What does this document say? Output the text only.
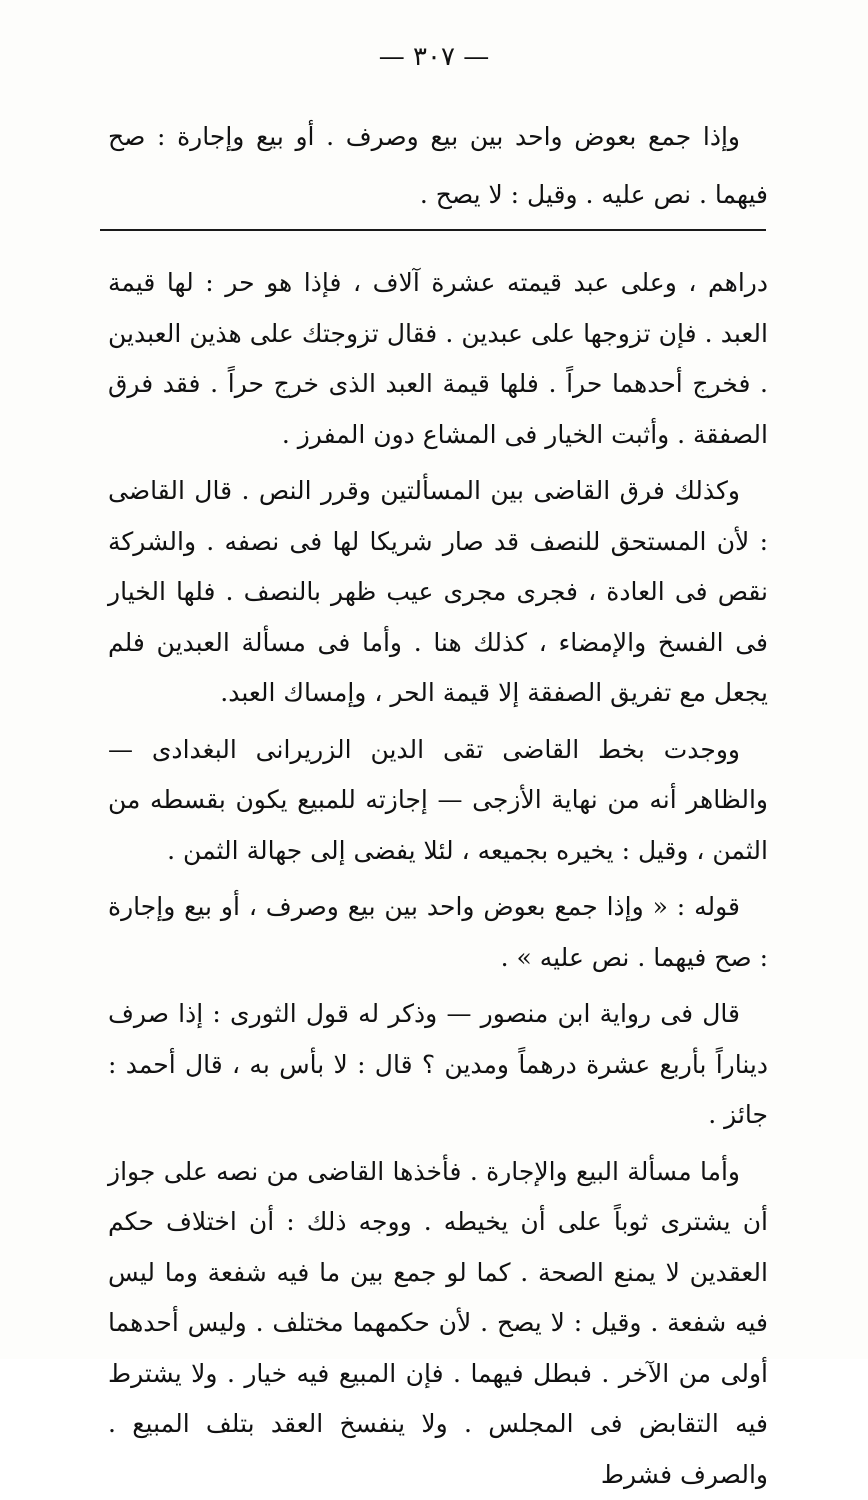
— ٣٠٧ —

وإذا جمع بعوض واحد بين بيع وصرف . أو بيع وإجارة : صح فيهما . نص عليه . وقيل : لا يصح .

دراهم ، وعلى عبد قيمته عشرة آلاف ، فإذا هو حر : لها قيمة العبد . فإن تزوجها على عبدين . فقال تزوجتك على هذين العبدين . فخرج أحدهما حراً . فلها قيمة العبد الذى خرج حراً . فقد فرق الصفقة . وأثبت الخيار فى المشاع دون المفرز .

وكذلك فرق القاضى بين المسألتين وقرر النص . قال القاضى : لأن المستحق للنصف قد صار شريكا لها فى نصفه . والشركة نقص فى العادة ، فجرى مجرى عيب ظهر بالنصف . فلها الخيار فى الفسخ والإمضاء ، كذلك هنا . وأما فى مسألة العبدين فلم يجعل مع تفريق الصفقة إلا قيمة الحر ، وإمساك العبد.

ووجدت بخط القاضى تقى الدين الزريرانى البغدادى — والظاهر أنه من نهاية الأزجى — إجازته للمبيع يكون بقسطه من الثمن ، وقيل : يخيره بجميعه ، لئلا يفضى إلى جهالة الثمن .

قوله : « وإذا جمع بعوض واحد بين بيع وصرف ، أو بيع وإجارة : صح فيهما . نص عليه » .

قال فى رواية ابن منصور — وذكر له قول الثورى : إذا صرف ديناراً بأربع عشرة درهماً ومدين ؟ قال : لا بأس به ، قال أحمد : جائز .

وأما مسألة البيع والإجارة . فأخذها القاضى من نصه على جواز أن يشترى ثوباً على أن يخيطه . ووجه ذلك : أن اختلاف حكم العقدين لا يمنع الصحة . كما لو جمع بين ما فيه شفعة وما ليس فيه شفعة . وقيل : لا يصح . لأن حكمهما مختلف . وليس أحدهما أولى من الآخر . فبطل فيهما . فإن المبيع فيه خيار . ولا يشترط فيه التقابض فى المجلس . ولا ينفسخ العقد بتلف المبيع . والصرف فشرط
